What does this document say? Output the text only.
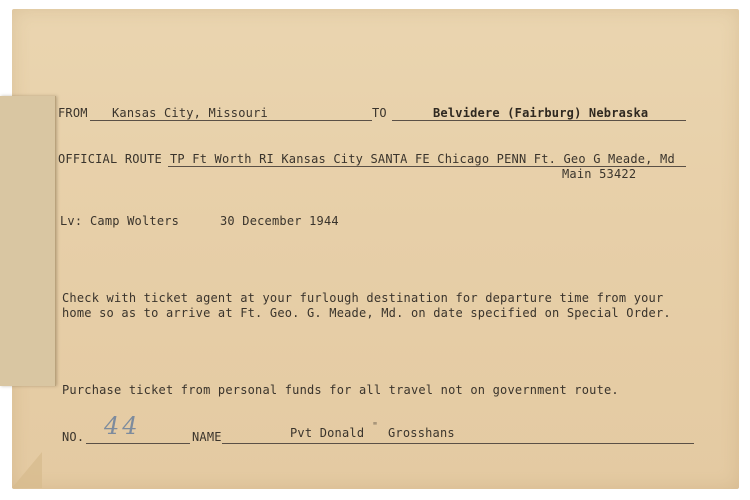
FROM Kansas City, Missouri	TO	Belvidere (Fairburg) Nebraska
OFFICIAL ROUTE TP Ft Worth RI Kansas City SANTA FE Chicago PENN Ft. Geo G Meade, Md
Main 53422
Lv: Camp Wolters	30 December 1944
Check with ticket agent at your furlough destination for departure time from your
home so as to arrive at Ft. Geo. G. Meade, Md. on date specified on Special Order.
Purchase ticket from personal funds for all travel not on government route.
NO. 44	NAME	Pvt Donald " Grosshans
